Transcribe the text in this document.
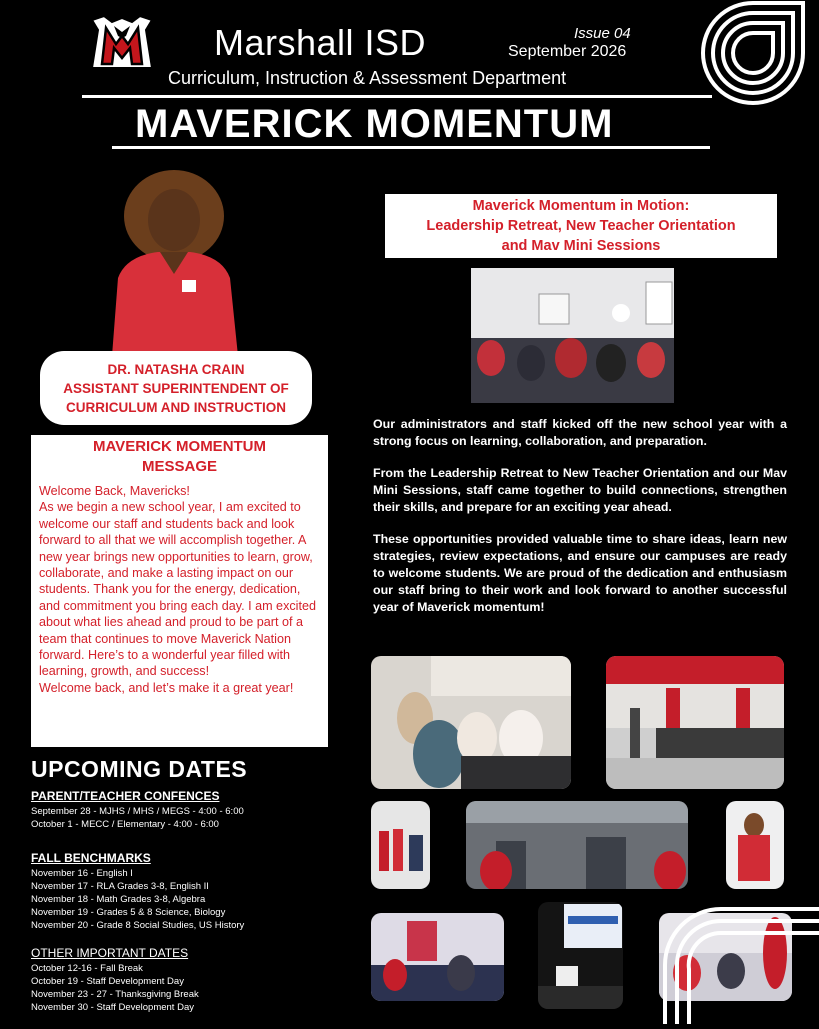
Marshall ISD	Issue 04
September 2026
Curriculum, Instruction & Assessment Department
MAVERICK MOMENTUM
DR. NATASHA CRAIN
ASSISTANT SUPERINTENDENT OF
CURRICULUM AND INSTRUCTION
MAVERICK MOMENTUM
MESSAGE

Welcome Back, Mavericks!

As we begin a new school year, I am excited to welcome our staff and students back and look forward to all that we will accomplish together. A new year brings new opportunities to learn, grow, collaborate, and make a lasting impact on our students. Thank you for the energy, dedication, and commitment you bring each day. I am excited about what lies ahead and proud to be part of a team that continues to move Maverick Nation forward. Here’s to a wonderful year filled with learning, growth, and success!

Welcome back, and let’s make it a great year!

UPCOMING DATES
PARENT/TEACHER CONFENCES
September 28 - MJHS / MHS / MEGS - 4:00 - 6:00
October 1 - MECC / Elementary - 4:00 - 6:00
FALL BENCHMARKS
November 16 - English I
November 17 - RLA Grades 3-8, English II
November 18 - Math Grades 3-8, Algebra
November 19 - Grades 5 & 8 Science, Biology
November 20 - Grade 8 Social Studies, US History
OTHER IMPORTANT DATES
October 12-16 - Fall Break
October 19 - Staff Development Day
November 23 - 27 - Thanksgiving Break
November 30 - Staff Development Day
Maverick Momentum in Motion:
Leadership Retreat, New Teacher Orientation
and Mav Mini Sessions

Our administrators and staff kicked off the new school year with a strong focus on learning, collaboration, and preparation.

From the Leadership Retreat to New Teacher Orientation and our Mav Mini Sessions, staff came together to build connections, strengthen their skills, and prepare for an exciting year ahead.

These opportunities provided valuable time to share ideas, learn new strategies, review expectations, and ensure our campuses are ready to welcome students. We are proud of the dedication and enthusiasm our staff bring to their work and look forward to another successful year of Maverick momentum!
